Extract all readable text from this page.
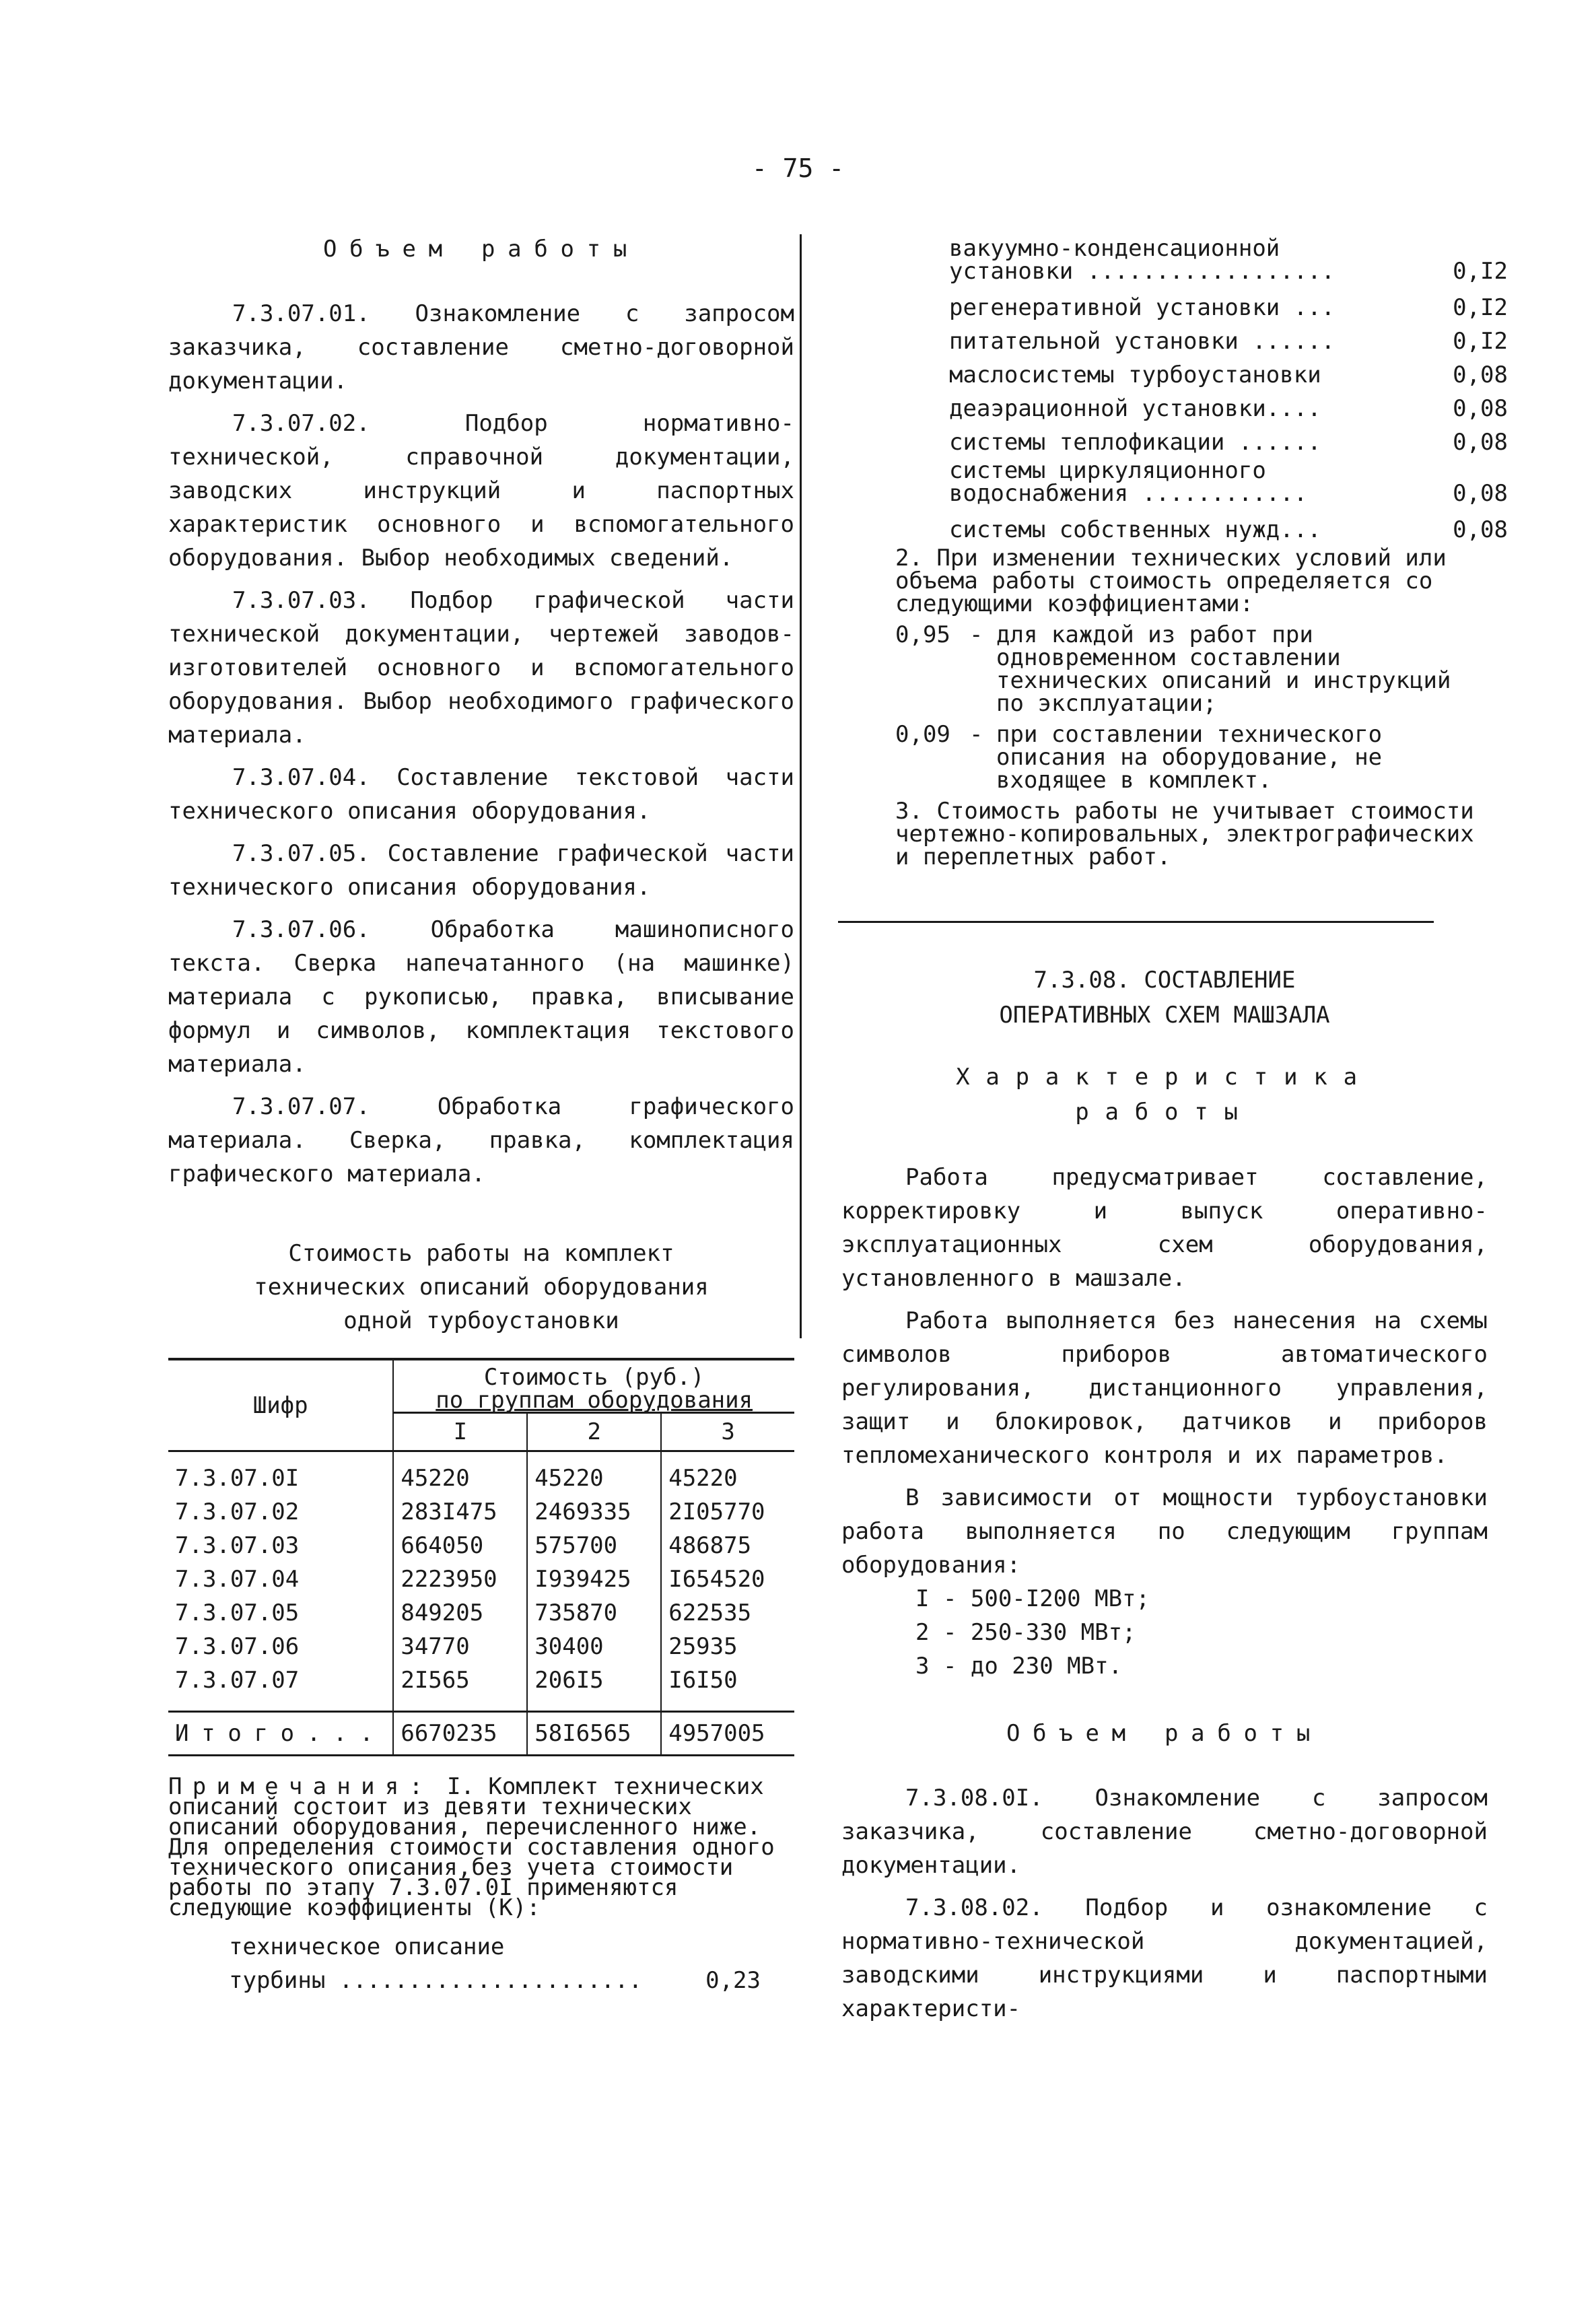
- 75 -

Объем работы

7.3.07.01. Ознакомление с запросом заказчика, составление сметно-договорной документации.

7.3.07.02. Подбор нормативно-технической, справочной документации, заводских инструкций и паспортных характеристик основного и вспомогательного оборудования. Выбор необходимых сведений.

7.3.07.03. Подбор графической части технической документации, чертежей заводов-изготовителей основного и вспомогательного оборудования. Выбор необходимого графического материала.

7.3.07.04. Составление текстовой части технического описания оборудования.

7.3.07.05. Составление графической части технического описания оборудования.

7.3.07.06. Обработка машинописного текста. Сверка напечатанного (на машинке) материала с рукописью, правка, вписывание формул и символов, комплектация текстового материала.

7.3.07.07. Обработка графического материала. Сверка, правка, комплектация графического материала.

Стоимость работы на комплект
технических описаний оборудования
одной турбоустановки
Шифр	Стоимость (руб.)
по группам оборудования		

	I	2	3
7.3.07.0I	45220	45220	45220
7.3.07.02	283I475	2469335	2I05770
7.3.07.03	664050	575700	486875
7.3.07.04	2223950	I939425	I654520
7.3.07.05	849205	735870	622535
7.3.07.06	34770	30400	25935
7.3.07.07	2I565	206I5	I6I50
Итого...	6670235	58I6565	4957005
Примечания: I. Комплект технических описаний состоит из девяти технических описаний оборудования, перечисленного ниже. Для определения стоимости составления одного технического описания,без учета стоимости работы по этапу 7.3.07.0I применяются следующие коэффициенты (К):
техническое описание
турбины ......................	0,23
вакуумно-конденсационной
установки ..................	0,I2
регенеративной установки ...	0,I2
питательной установки ......	0,I2
маслосистемы турбоустановки	0,08
деаэрационной установки....	0,08
системы теплофикации ......	0,08
системы циркуляционного
водоснабжения ............	0,08
системы собственных нужд...	0,08

2. При изменении технических условий или объема работы стоимость определяется со следующими коэффициентами:

0,95 - для каждой из работ при одновременном составлении технических описаний и инструкций по эксплуатации;
0,09 - при составлении технического описания на оборудование, не входящее в комплект.

3. Стоимость работы не учитывает стоимости чертежно-копировальных, электрографических и переплетных работ.

7.3.08. СОСТАВЛЕНИЕ
ОПЕРАТИВНЫХ СХЕМ МАШЗАЛА
Характеристика
работы

Работа предусматривает составление, корректировку и выпуск оперативно-эксплуатационных схем оборудования, установленного в машзале.

Работа выполняется без нанесения на схемы символов приборов автоматического регулирования, дистанционного управления, защит и блокировок, датчиков и приборов тепломеханического контроля и их параметров.

В зависимости от мощности турбоустановки работа выполняется по следующим группам оборудования:

I - 500-I200 МВт;
2 - 250-330 МВт;
3 - до 230 МВт.

Объем работы

7.3.08.0I. Ознакомление с запросом заказчика, составление сметно-договорной документации.

7.3.08.02. Подбор и ознакомление с нормативно-технической документацией, заводскими инструкциями и паспортными характеристи-
